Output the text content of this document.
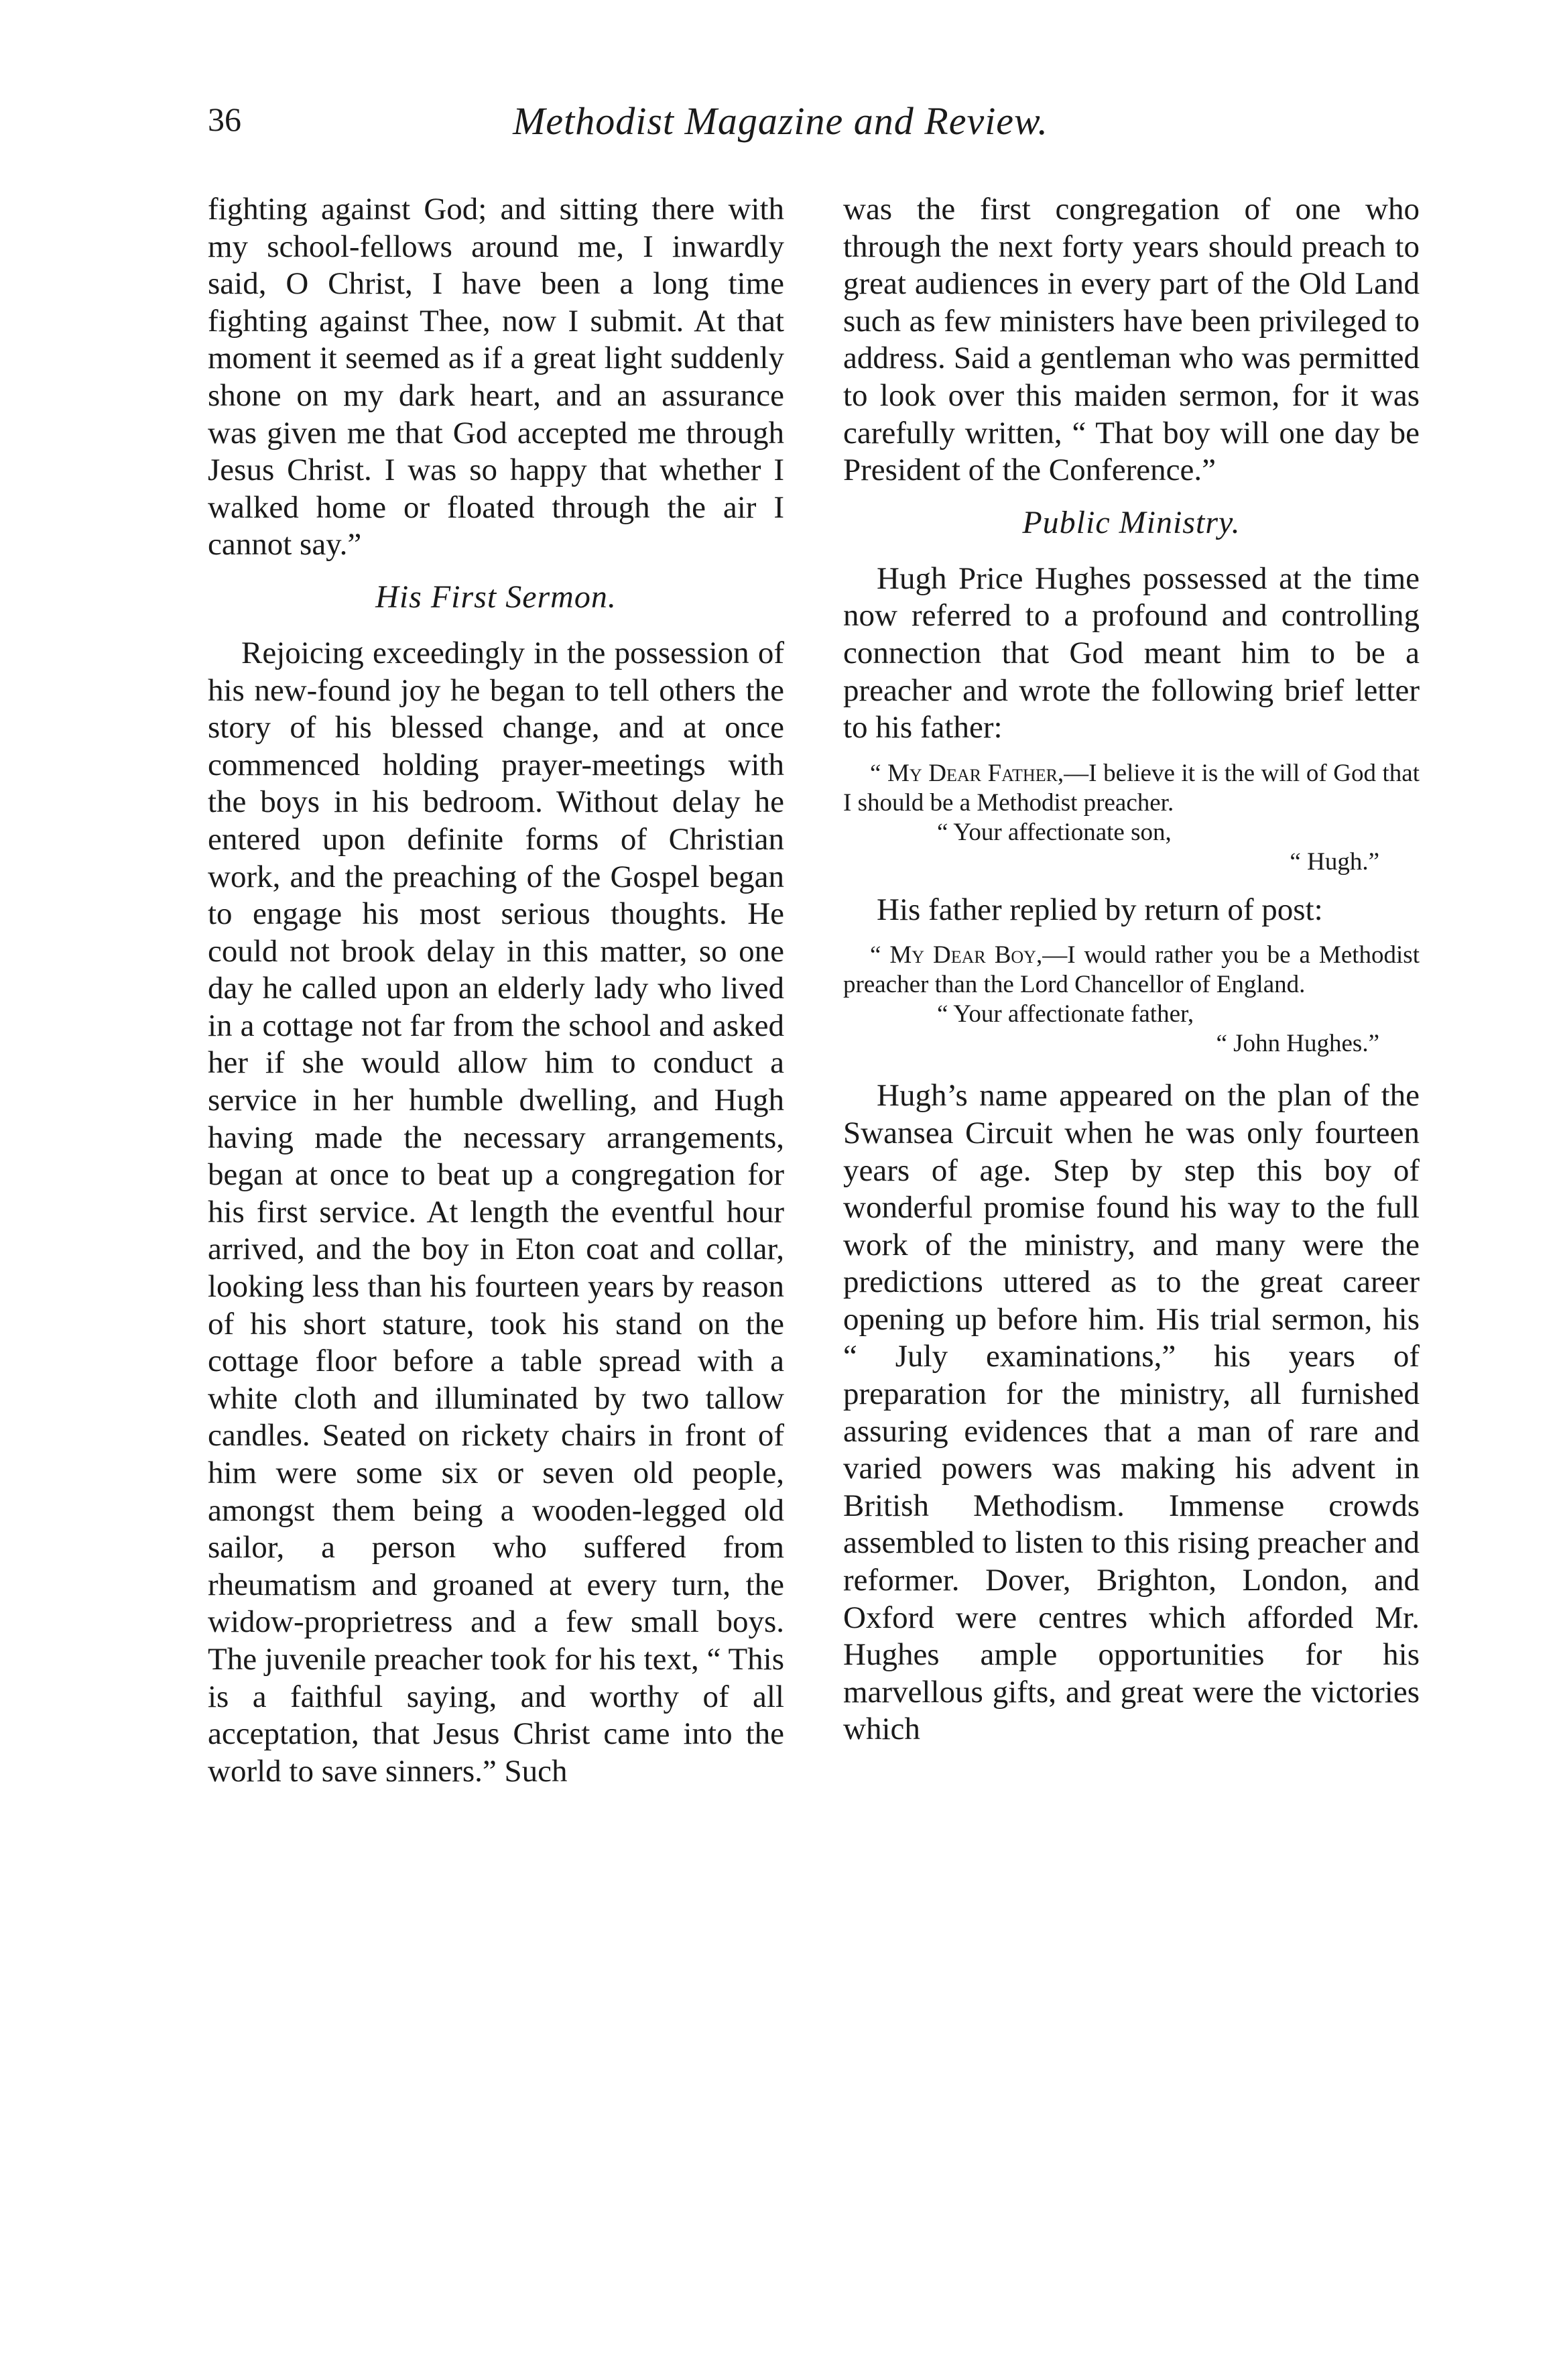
36	Methodist Magazine and Review.

fighting against God; and sitting there with my school-fellows around me, I inwardly said, O Christ, I have been a long time fighting against Thee, now I submit. At that moment it seemed as if a great light suddenly shone on my dark heart, and an assurance was given me that God accepted me through Jesus Christ. I was so happy that whether I walked home or floated through the air I cannot say.”

His First Sermon.

Rejoicing exceedingly in the possession of his new-found joy he began to tell others the story of his blessed change, and at once commenced holding prayer-meetings with the boys in his bedroom. Without delay he entered upon definite forms of Christian work, and the preaching of the Gospel began to engage his most serious thoughts. He could not brook delay in this matter, so one day he called upon an elderly lady who lived in a cottage not far from the school and asked her if she would allow him to conduct a service in her humble dwelling, and Hugh having made the necessary arrangements, began at once to beat up a congregation for his first service. At length the eventful hour arrived, and the boy in Eton coat and collar, looking less than his fourteen years by reason of his short stature, took his stand on the cottage floor before a table spread with a white cloth and illuminated by two tallow candles. Seated on rickety chairs in front of him were some six or seven old people, amongst them being a wooden-legged old sailor, a person who suffered from rheumatism and groaned at every turn, the widow-proprietress and a few small boys. The juvenile preacher took for his text, “ This is a faithful saying, and worthy of all acceptation, that Jesus Christ came into the world to save sinners.” Such

was the first congregation of one who through the next forty years should preach to great audiences in every part of the Old Land such as few ministers have been privileged to address. Said a gentleman who was permitted to look over this maiden sermon, for it was carefully written, “ That boy will one day be President of the Conference.”

Public Ministry.

Hugh Price Hughes possessed at the time now referred to a profound and controlling connection that God meant him to be a preacher and wrote the following brief letter to his father:

“ My Dear Father,—I believe it is the will of God that I should be a Methodist preacher.

“ Your affectionate son,

“ Hugh.”

His father replied by return of post:

“ My Dear Boy,—I would rather you be a Methodist preacher than the Lord Chancellor of England.

“ Your affectionate father,

“ John Hughes.”

Hugh’s name appeared on the plan of the Swansea Circuit when he was only fourteen years of age. Step by step this boy of wonderful promise found his way to the full work of the ministry, and many were the predictions uttered as to the great career opening up before him. His trial sermon, his “ July examinations,” his years of preparation for the ministry, all furnished assuring evidences that a man of rare and varied powers was making his advent in British Methodism. Immense crowds assembled to listen to this rising preacher and reformer. Dover, Brighton, London, and Oxford were centres which afforded Mr. Hughes ample opportunities for his marvellous gifts, and great were the victories which
